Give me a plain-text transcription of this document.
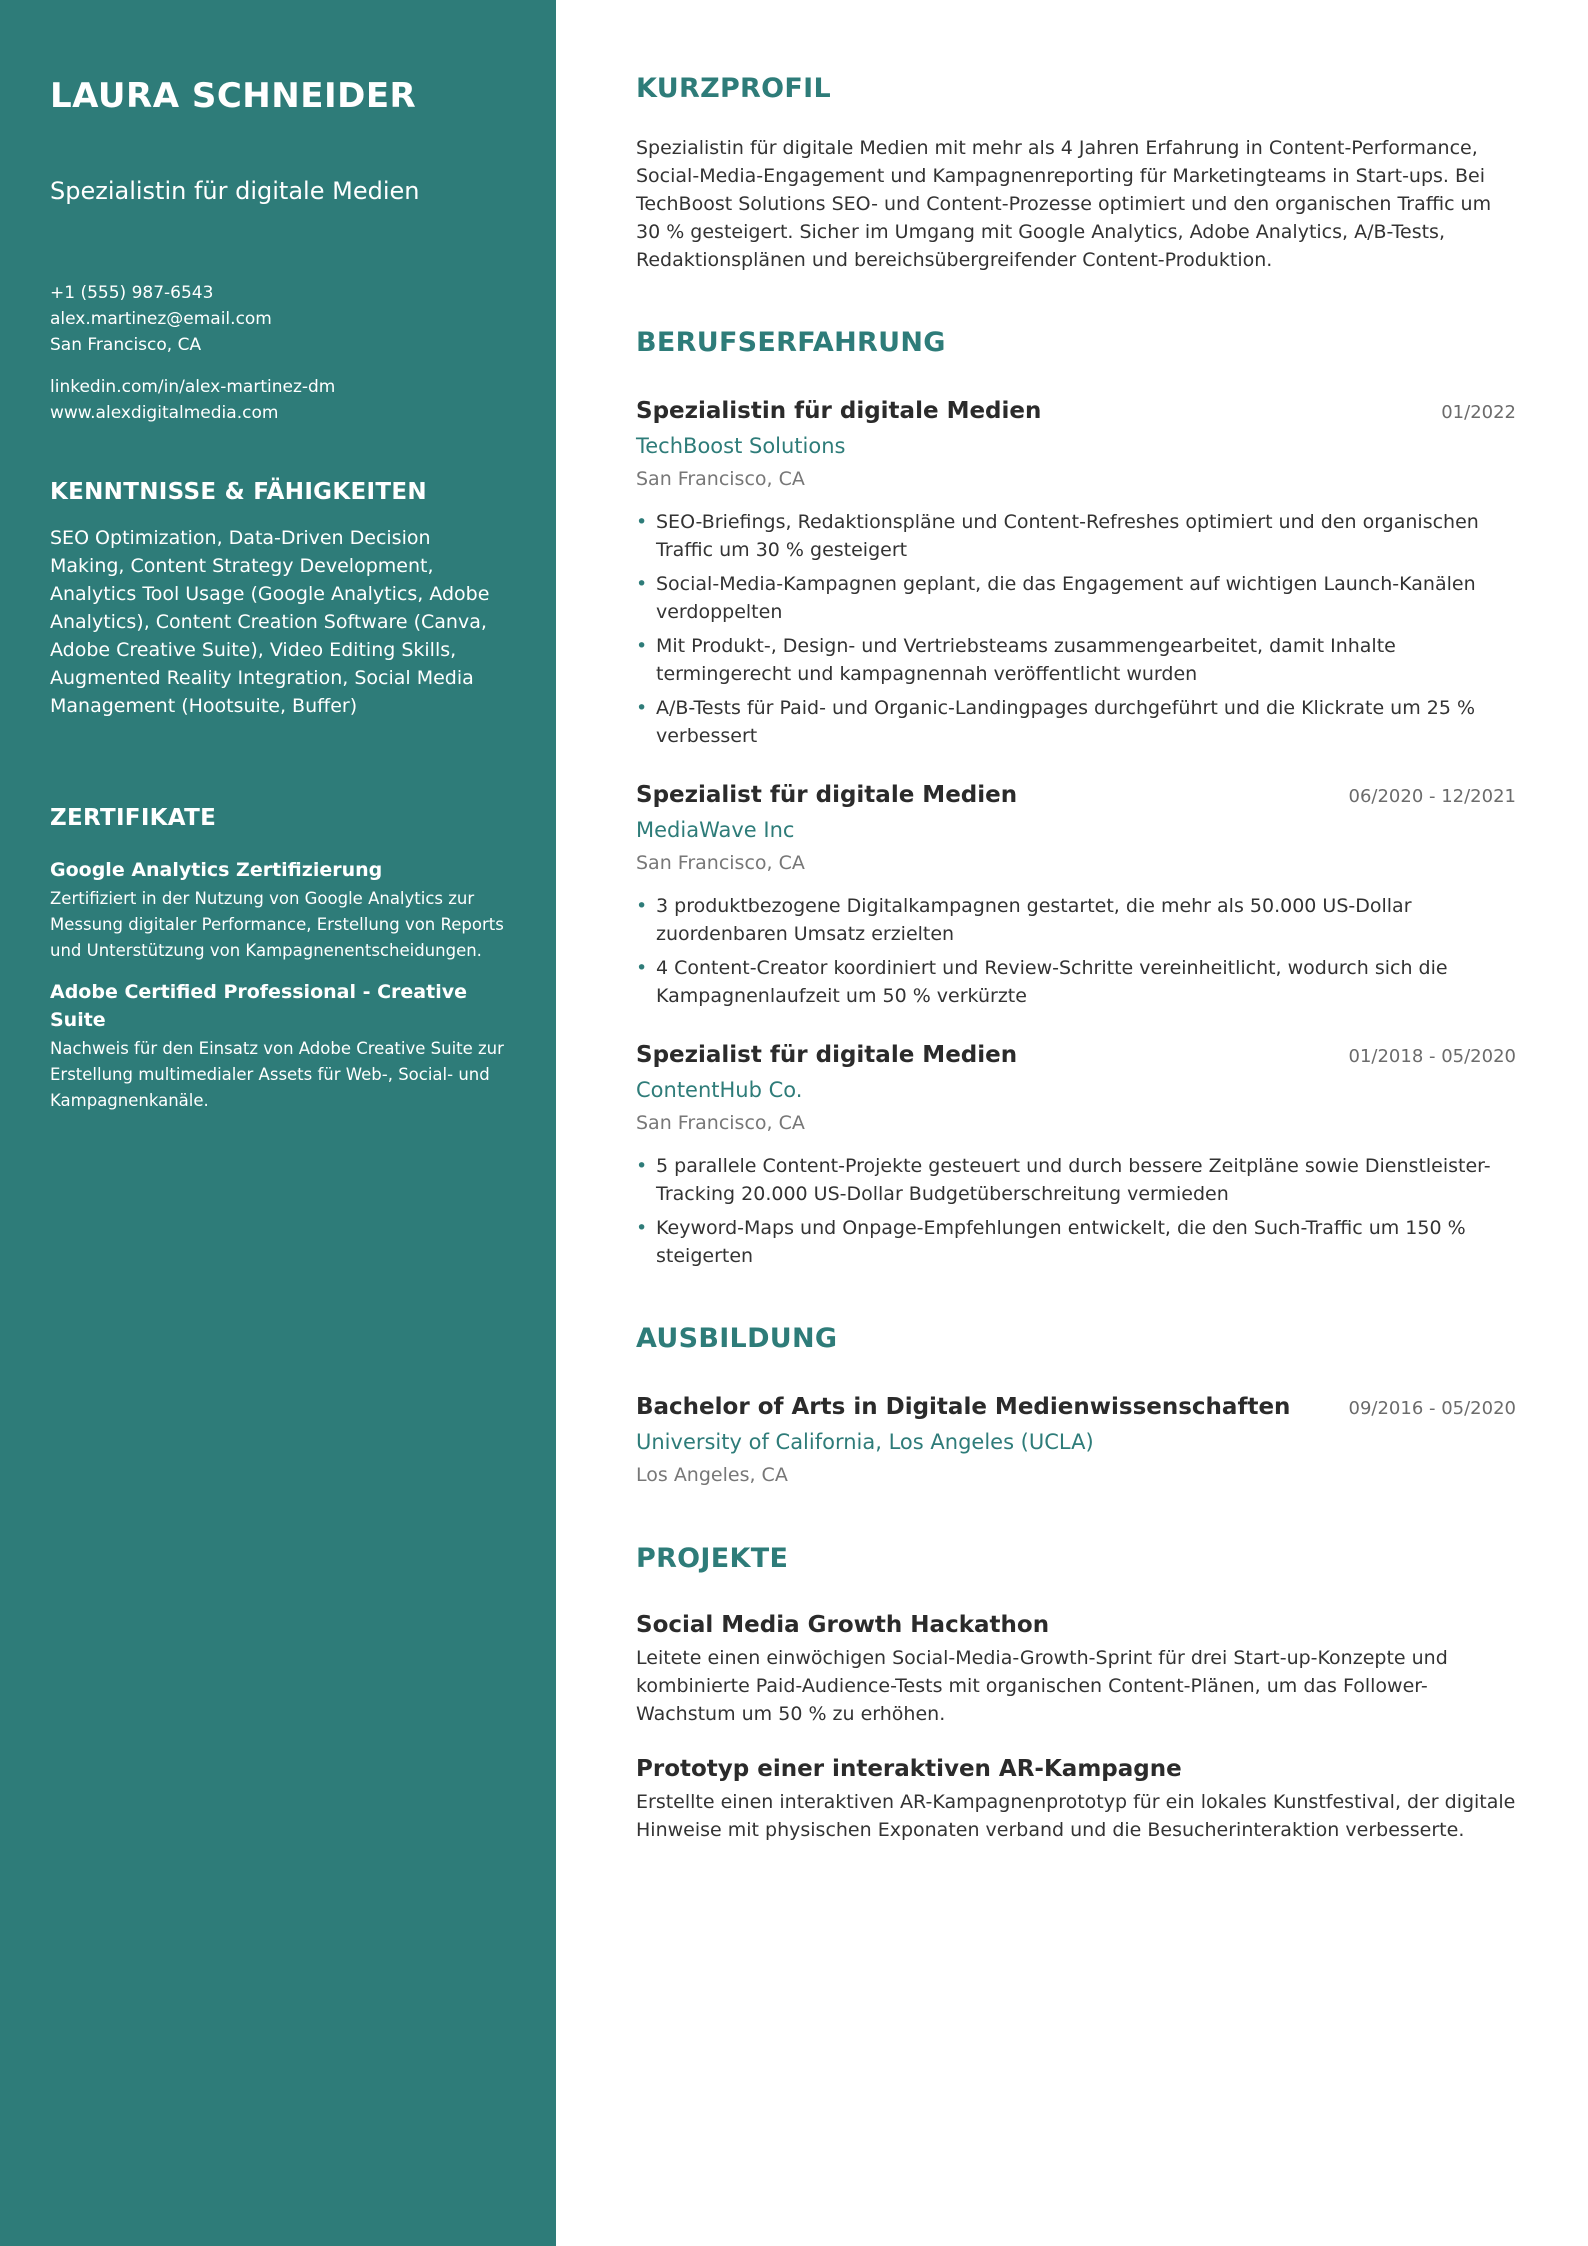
LAURA SCHNEIDER
Spezialistin für digitale Medien
+1 (555) 987-6543
alex.martinez@email.com
San Francisco, CA
linkedin.com/in/alex-martinez-dm
www.alexdigitalmedia.com
KENNTNISSE & FÄHIGKEITEN
SEO Optimization, Data-Driven Decision Making, Content Strategy Development, Analytics Tool Usage (Google Analytics, Adobe Analytics), Content Creation Software (Canva, Adobe Creative Suite), Video Editing Skills, Augmented Reality Integration, Social Media Management (Hootsuite, Buffer)
ZERTIFIKATE
Google Analytics Zertifizierung
Zertifiziert in der Nutzung von Google Analytics zur Messung digitaler Performance, Erstellung von Reports und Unterstützung von Kampagnenentscheidungen.
Adobe Certified Professional - Creative Suite
Nachweis für den Einsatz von Adobe Creative Suite zur Erstellung multimedialer Assets für Web-, Social- und Kampagnenkanäle.
KURZPROFIL
Spezialistin für digitale Medien mit mehr als 4 Jahren Erfahrung in Content-Performance, Social-Media-Engagement und Kampagnenreporting für Marketingteams in Start-ups. Bei TechBoost Solutions SEO- und Content-Prozesse optimiert und den organischen Traffic um 30 % gesteigert. Sicher im Umgang mit Google Analytics, Adobe Analytics, A/B-Tests, Redaktionsplänen und bereichsübergreifender Content-Produktion.
BERUFSERFAHRUNG
Spezialistin für digitale Medien	01/2022
TechBoost Solutions
San Francisco, CA
• SEO-Briefings, Redaktionspläne und Content-Refreshes optimiert und den organischen Traffic um 30 % gesteigert
• Social-Media-Kampagnen geplant, die das Engagement auf wichtigen Launch-Kanälen verdoppelten
• Mit Produkt-, Design- und Vertriebsteams zusammengearbeitet, damit Inhalte termingerecht und kampagnennah veröffentlicht wurden
• A/B-Tests für Paid- und Organic-Landingpages durchgeführt und die Klickrate um 25 % verbessert
Spezialist für digitale Medien	06/2020 - 12/2021
MediaWave Inc
San Francisco, CA
• 3 produktbezogene Digitalkampagnen gestartet, die mehr als 50.000 US-Dollar zuordenbaren Umsatz erzielten
• 4 Content-Creator koordiniert und Review-Schritte vereinheitlicht, wodurch sich die Kampagnenlaufzeit um 50 % verkürzte
Spezialist für digitale Medien	01/2018 - 05/2020
ContentHub Co.
San Francisco, CA
• 5 parallele Content-Projekte gesteuert und durch bessere Zeitpläne sowie Dienstleister-Tracking 20.000 US-Dollar Budgetüberschreitung vermieden
• Keyword-Maps und Onpage-Empfehlungen entwickelt, die den Such-Traffic um 150 % steigerten
AUSBILDUNG
Bachelor of Arts in Digitale Medienwissenschaften	09/2016 - 05/2020
University of California, Los Angeles (UCLA)
Los Angeles, CA
PROJEKTE
Social Media Growth Hackathon
Leitete einen einwöchigen Social-Media-Growth-Sprint für drei Start-up-Konzepte und kombinierte Paid-Audience-Tests mit organischen Content-Plänen, um das Follower-Wachstum um 50 % zu erhöhen.
Prototyp einer interaktiven AR-Kampagne
Erstellte einen interaktiven AR-Kampagnenprototyp für ein lokales Kunstfestival, der digitale Hinweise mit physischen Exponaten verband und die Besucherinteraktion verbesserte.
